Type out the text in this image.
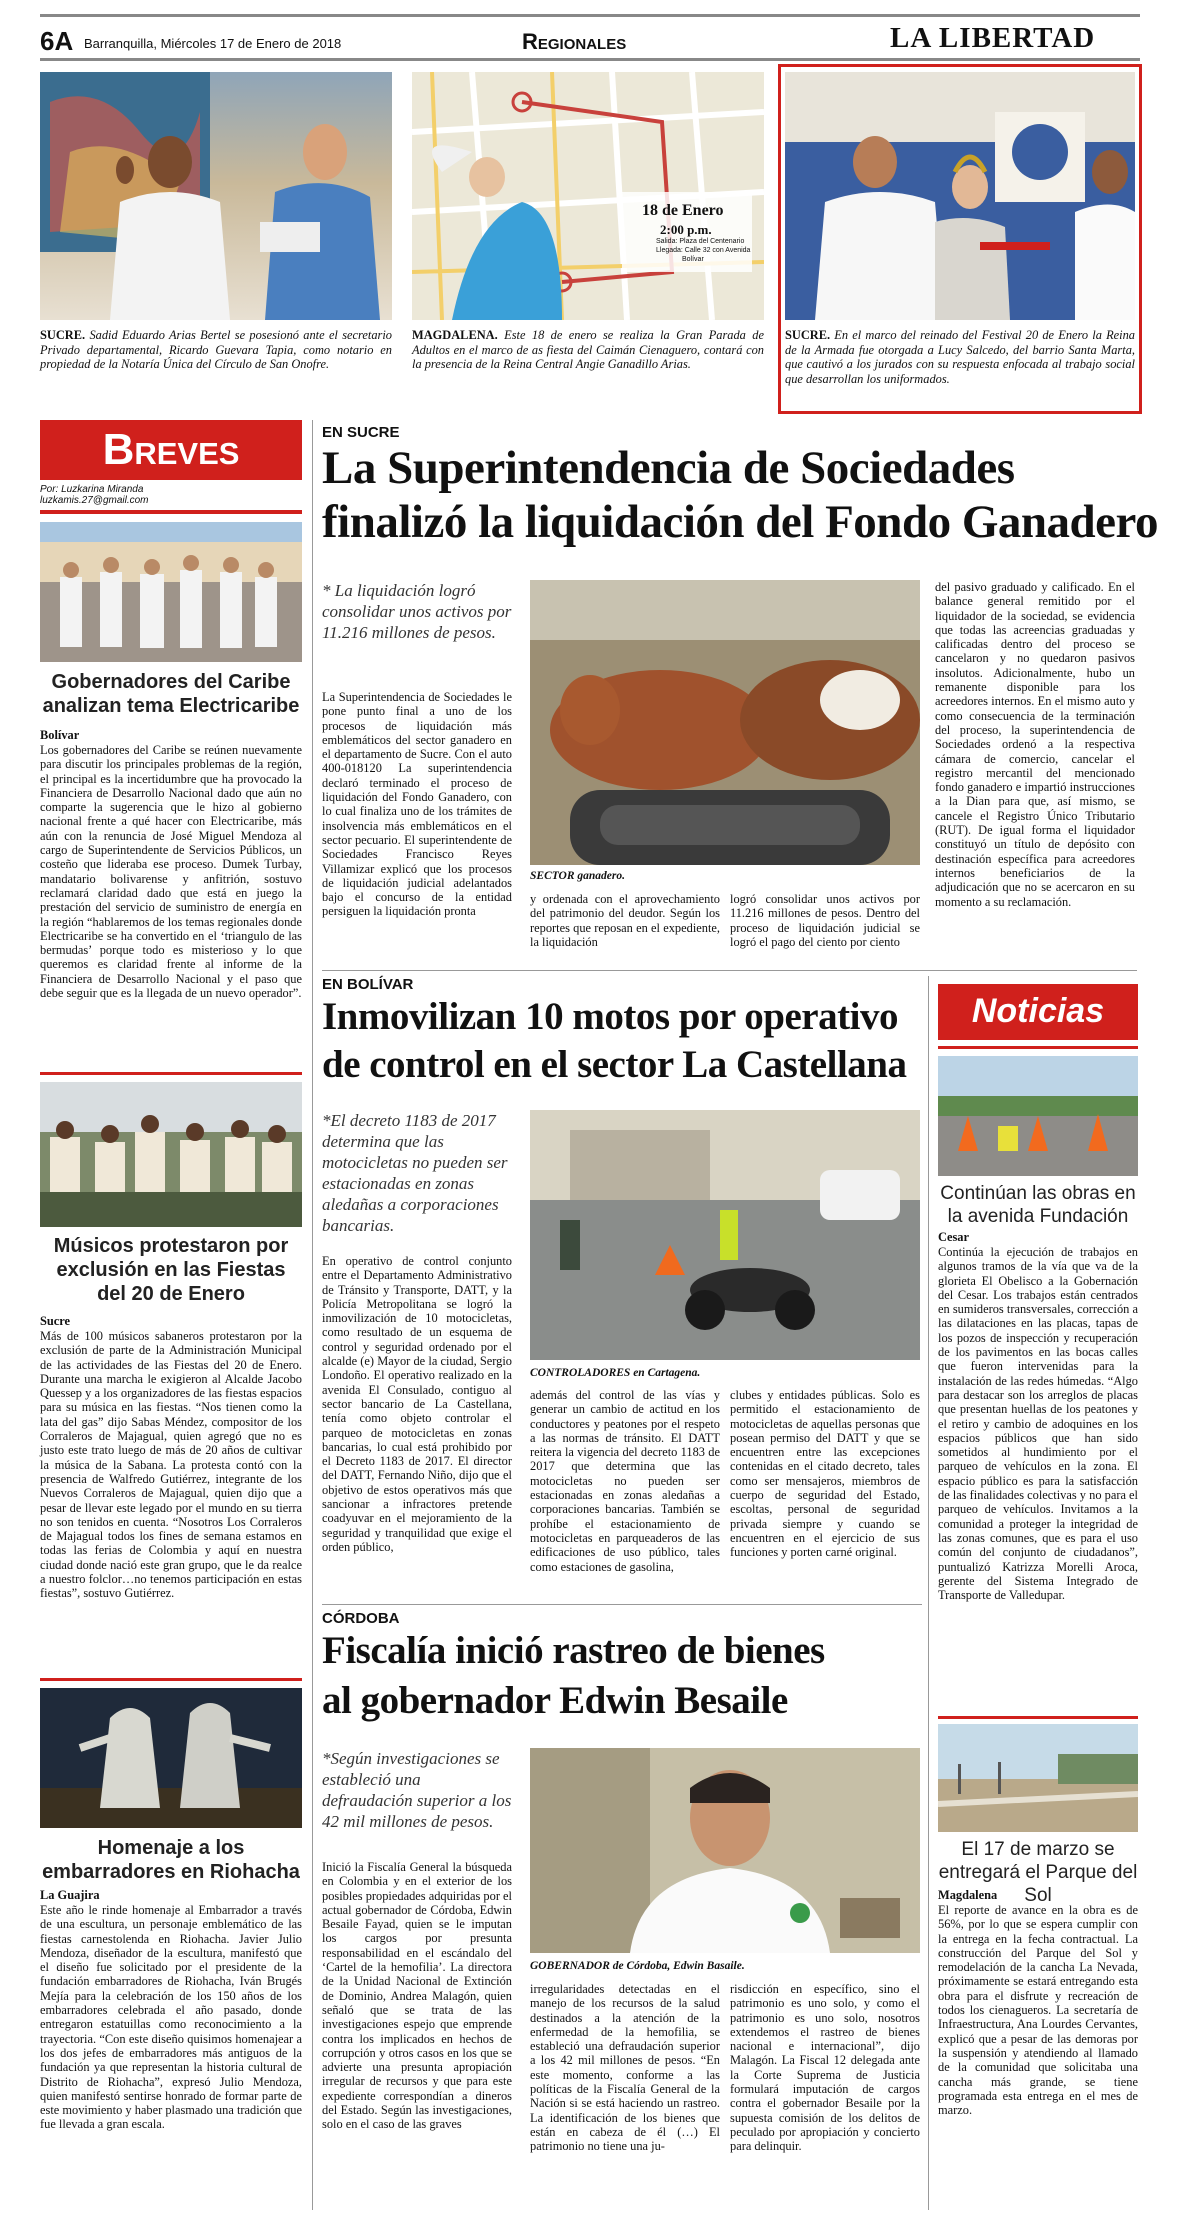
6A Barranquilla, Miércoles 17 de Enero de 2018	Regionales	LA LIBERTAD
18 de Enero
2:00 p.m.
Salida: Plaza del Centenario
Llegada: Calle 32 con Avenida
Bolívar
SUCRE. Sadid Eduardo Arias Bertel se posesionó ante el secretario Privado departamental, Ricardo Guevara Tapia, como notario en propiedad de la Notaría Única del Círculo de San Onofre.
MAGDALENA. Este 18 de enero se realiza la Gran Parada de Adultos en el marco de as fiesta del Caimán Cienaguero, contará con la presencia de la Reina Central Angie Ganadillo Arias.
SUCRE. En el marco del reinado del Festival 20 de Enero la Reina de la Armada fue otorgada a Lucy Salcedo, del barrio Santa Marta, que cautivó a los jurados con su respuesta enfocada al trabajo social que desarrollan los uniformados.
Breves
Por: Luzkarina Miranda
luzkamis.27@gmail.com
Gobernadores del Caribe analizan tema Electricaribe
Bolívar
Los gobernadores del Caribe se reúnen nuevamente para discutir los principales problemas de la región, el principal es la incertidumbre que ha provocado la Financiera de Desarrollo Nacional dado que aún no comparte la sugerencia que le hizo al gobierno nacional frente a qué hacer con Electricaribe, más aún con la renuncia de José Miguel Mendoza al cargo de Superintendente de Servicios Públicos, un costeño que lideraba ese proceso. Dumek Turbay, mandatario bolivarense y anfitrión, sostuvo reclamará claridad dado que está en juego la prestación del servicio de suministro de energía en la región “hablaremos de los temas regionales donde Electricaribe se ha convertido en el ‘triangulo de las bermudas’ porque todo es misterioso y lo que queremos es claridad frente al informe de la Financiera de Desarrollo Nacional y el paso que debe seguir que es la llegada de un nuevo operador”.
Músicos protestaron por exclusión en las Fiestas del 20 de Enero
Sucre
Más de 100 músicos sabaneros protestaron por la exclusión de parte de la Administración Municipal de las actividades de las Fiestas del 20 de Enero. Durante una marcha le exigieron al Alcalde Jacobo Quessep y a los organizadores de las fiestas espacios para su música en las fiestas. “Nos tienen como la lata del gas” dijo Sabas Méndez, compositor de los Corraleros de Majagual, quien agregó que no es justo este trato luego de más de 20 años de cultivar la música de la Sabana. La protesta contó con la presencia de Walfredo Gutiérrez, integrante de los Nuevos Corraleros de Majagual, quien dijo que a pesar de llevar este legado por el mundo en su tierra no son tenidos en cuenta. “Nosotros Los Corraleros de Majagual todos los fines de semana estamos en todas las ferias de Colombia y aquí en nuestra ciudad donde nació este gran grupo, que le da realce a nuestro folclor…no tenemos participación en estas fiestas”, sostuvo Gutiérrez.
Homenaje a los embarradores en Riohacha
La Guajira
Este año le rinde homenaje al Embarrador a través de una escultura, un personaje emblemático de las fiestas carnestolenda en Riohacha. Javier Julio Mendoza, diseñador de la escultura, manifestó que el diseño fue solicitado por el presidente de la fundación embarradores de Riohacha, Iván Brugés Mejía para la celebración de los 150 años de los embarradores celebrada el año pasado, donde entregaron estatuillas como reconocimiento a la trayectoria. “Con este diseño quisimos homenajear a los dos jefes de embarradores más antiguos de la fundación ya que representan la historia cultural de Distrito de Riohacha”, expresó Julio Mendoza, quien manifestó sentirse honrado de formar parte de este movimiento y haber plasmado una tradición que fue llevada a gran escala.
EN SUCRE
La Superintendencia de Sociedades
finalizó la liquidación del Fondo Ganadero
* La liquidación logró consolidar unos activos por 11.216 millones de pesos.
La Superintendencia de Sociedades le pone punto final a uno de los procesos de liquidación más emblemáticos del sector ganadero en el departamento de Sucre. Con el auto 400-018120 La superintendencia declaró terminado el proceso de liquidación del Fondo Ganadero, con lo cual finaliza uno de los trámites de insolvencia más emblemáticos en el sector pecuario. El superintendente de Sociedades Francisco Reyes Villamizar explicó que los procesos de liquidación judicial adelantados bajo el concurso de la entidad persiguen la liquidación pronta
SECTOR ganadero.
y ordenada con el aprovechamiento del patrimonio del deudor. Según los reportes que reposan en el expediente, la liquidación
logró consolidar unos activos por 11.216 millones de pesos. Dentro del proceso de liquidación judicial se logró el pago del ciento por ciento
del pasivo graduado y calificado. En el balance general remitido por el liquidador de la sociedad, se evidencia que todas las acreencias graduadas y calificadas dentro del proceso se cancelaron y no quedaron pasivos insolutos. Adicionalmente, hubo un remanente disponible para los acreedores internos. En el mismo auto y como consecuencia de la terminación del proceso, la superintendencia de Sociedades ordenó a la respectiva cámara de comercio, cancelar el registro mercantil del mencionado fondo ganadero e impartió instrucciones a la Dian para que, así mismo, se cancele el Registro Único Tributario (RUT). De igual forma el liquidador constituyó un título de depósito con destinación específica para acreedores internos beneficiarios de la adjudicación que no se acercaron en su momento a su reclamación.
EN BOLÍVAR
Inmovilizan 10 motos por operativo
de control en el sector La Castellana
*El decreto 1183 de 2017 determina que las motocicletas no pueden ser estacionadas en zonas aledañas a corporaciones bancarias.
En operativo de control conjunto entre el Departamento Administrativo de Tránsito y Transporte, DATT, y la Policía Metropolitana se logró la inmovilización de 10 motocicletas, como resultado de un esquema de control y seguridad ordenado por el alcalde (e) Mayor de la ciudad, Sergio Londoño. El operativo realizado en la avenida El Consulado, contiguo al sector bancario de La Castellana, tenía como objeto controlar el parqueo de motocicletas en zonas bancarias, lo cual está prohibido por el Decreto 1183 de 2017. El director del DATT, Fernando Niño, dijo que el objetivo de estos operativos más que sancionar a infractores pretende coadyuvar en el mejoramiento de la seguridad y tranquilidad que exige el orden público,
CONTROLADORES en Cartagena.
además del control de las vías y generar un cambio de actitud en los conductores y peatones por el respeto a las normas de tránsito. El DATT reitera la vigencia del decreto 1183 de 2017 que determina que las motocicletas no pueden ser estacionadas en zonas aledañas a corporaciones bancarias. También se prohíbe el estacionamiento de motocicletas en parqueaderos de las edificaciones de uso público, tales como estaciones de gasolina,
clubes y entidades públicas. Solo es permitido el estacionamiento de motocicletas de aquellas personas que posean permiso del DATT y que se encuentren entre las excepciones contenidas en el citado decreto, tales como ser mensajeros, miembros de cuerpo de seguridad del Estado, escoltas, personal de seguridad privada siempre y cuando se encuentren en el ejercicio de sus funciones y porten carné original.
CÓRDOBA
Fiscalía inició rastreo de bienes
al gobernador Edwin Besaile
*Según investigaciones se estableció una defraudación superior a los 42 mil millones de pesos.
Inició la Fiscalía General la búsqueda en Colombia y en el exterior de los posibles propiedades adquiridas por el actual gobernador de Córdoba, Edwin Besaile Fayad, quien se le imputan los cargos por presunta responsabilidad en el escándalo del ‘Cartel de la hemofilia’. La directora de la Unidad Nacional de Extinción de Dominio, Andrea Malagón, quien señaló que se trata de las investigaciones espejo que emprende contra los implicados en hechos de corrupción y otros casos en los que se advierte una presunta apropiación irregular de recursos y que para este expediente correspondían a dineros del Estado. Según las investigaciones, solo en el caso de las graves
GOBERNADOR de Córdoba, Edwin Basaile.
irregularidades detectadas en el manejo de los recursos de la salud destinados a la atención de la enfermedad de la hemofilia, se estableció una defraudación superior a los 42 mil millones de pesos. “En este momento, conforme a las políticas de la Fiscalía General de la Nación si se está haciendo un rastreo. La identificación de los bienes que están en cabeza de él (…) El patrimonio no tiene una ju-
risdicción en específico, sino el patrimonio es uno solo, y como el patrimonio es uno solo, nosotros extendemos el rastreo de bienes nacional e internacional”, dijo Malagón. La Fiscal 12 delegada ante la Corte Suprema de Justicia formulará imputación de cargos contra el gobernador Besaile por la supuesta comisión de los delitos de peculado por apropiación y concierto para delinquir.
Noticias
Continúan las obras en la avenida Fundación
Cesar
Continúa la ejecución de trabajos en algunos tramos de la vía que va de la glorieta El Obelisco a la Gobernación del Cesar. Los trabajos están centrados en sumideros transversales, corrección a las dilataciones en las placas, tapas de los pozos de inspección y recuperación de los pavimentos en las bocas calles que fueron intervenidas para la instalación de las redes húmedas. “Algo para destacar son los arreglos de placas que presentan huellas de los peatones y el retiro y cambio de adoquines en los espacios públicos que han sido sometidos al hundimiento por el parqueo de vehículos en la zona. El espacio público es para la satisfacción de las finalidades colectivas y no para el parqueo de vehículos. Invitamos a la comunidad a proteger la integridad de las zonas comunes, que es para el uso común del conjunto de ciudadanos”, puntualizó Katrizza Morelli Aroca, gerente del Sistema Integrado de Transporte de Valledupar.
El 17 de marzo se entregará el Parque del Sol
Magdalena
El reporte de avance en la obra es de 56%, por lo que se espera cumplir con la entrega en la fecha contractual. La construcción del Parque del Sol y remodelación de la cancha La Nevada, próximamente se estará entregando esta obra para el disfrute y recreación de todos los cienagueros. La secretaría de Infraestructura, Ana Lourdes Cervantes, explicó que a pesar de las demoras por la suspensión y atendiendo al llamado de la comunidad que solicitaba una cancha más grande, se tiene programada esta entrega en el mes de marzo.
